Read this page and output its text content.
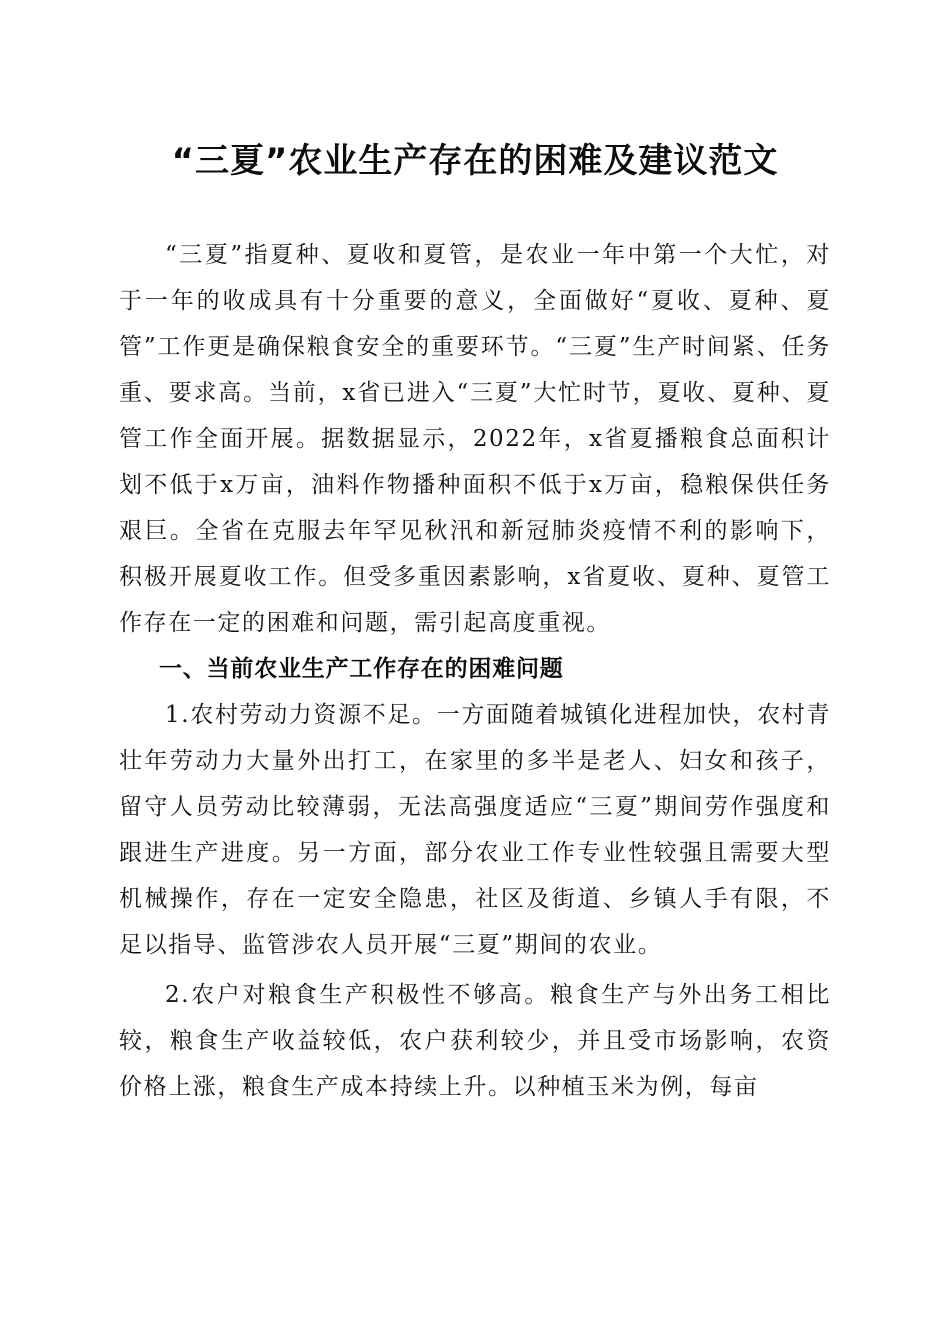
“三夏”农业生产存在的困难及建议范文

“三夏”指夏种、夏收和夏管，是农业一年中第一个大忙，对于一年的收成具有十分重要的意义，全面做好“夏收、夏种、夏管”工作更是确保粮食安全的重要环节。“三夏”生产时间紧、任务重、要求高。当前，x省已进入“三夏”大忙时节，夏收、夏种、夏管工作全面开展。据数据显示，2022年，x省夏播粮食总面积计划不低于x万亩，油料作物播种面积不低于x万亩，稳粮保供任务艰巨。全省在克服去年罕见秋汛和新冠肺炎疫情不利的影响下，积极开展夏收工作。但受多重因素影响，x省夏收、夏种、夏管工作存在一定的困难和问题，需引起高度重视。

一、当前农业生产工作存在的困难问题

1.农村劳动力资源不足。一方面随着城镇化进程加快，农村青壮年劳动力大量外出打工，在家里的多半是老人、妇女和孩子，留守人员劳动比较薄弱，无法高强度适应“三夏”期间劳作强度和跟进生产进度。另一方面，部分农业工作专业性较强且需要大型机械操作，存在一定安全隐患，社区及街道、乡镇人手有限，不足以指导、监管涉农人员开展“三夏”期间的农业。

2.农户对粮食生产积极性不够高。粮食生产与外出务工相比较，粮食生产收益较低，农户获利较少，并且受市场影响，农资价格上涨，粮食生产成本持续上升。以种植玉米为例，每亩
